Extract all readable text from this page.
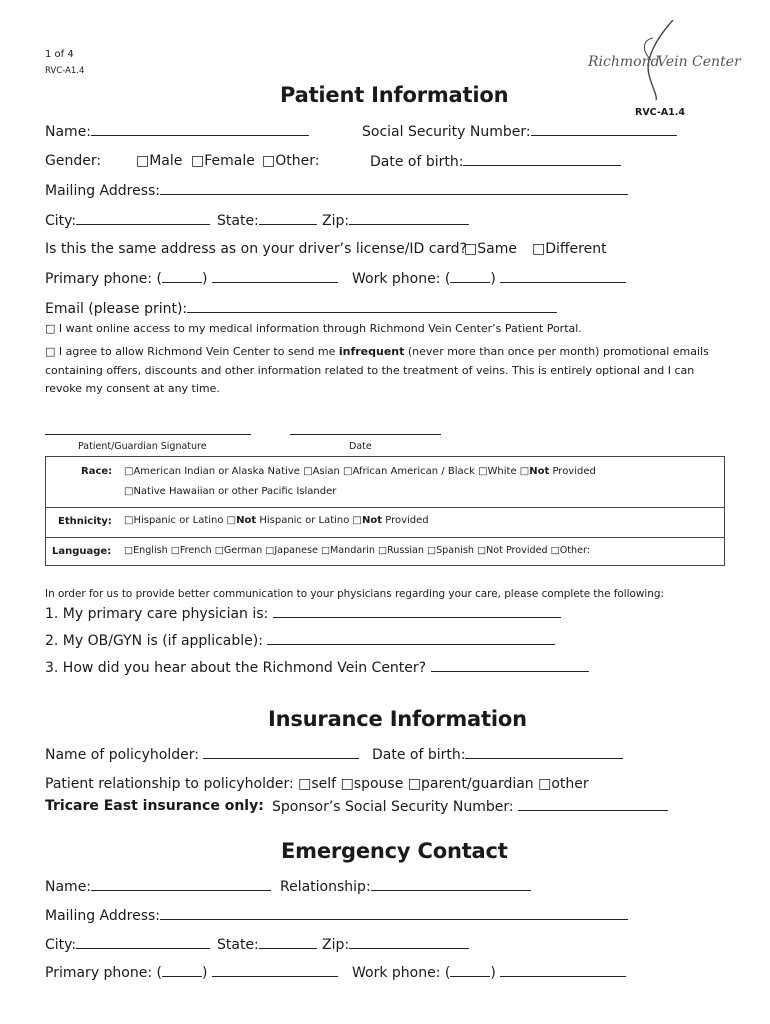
1 of 4
RVC-A1.4
Richmond
Vein Center
RVC-A1.4
Patient Information
Name:	Social Security Number:
Gender: □Male □Female □Other:	Date of birth:
Mailing Address:
City:	State:	Zip:
Is this the same address as on your driver’s license/ID card?
□Same □Different
Primary phone: (	)	Work phone: (	)
Email (please print):
□ I want online access to my medical information through Richmond Vein Center’s Patient Portal.
□ I agree to allow Richmond Vein Center to send me infrequent (never more than once per month) promotional emails
containing offers, discounts and other information related to the treatment of veins. This is entirely optional and I can
revoke my consent at any time.
Patient/Guardian Signature	Date
Race: □American Indian or Alaska Native □Asian □African American / Black □White □Not Provided
□Native Hawaiian or other Pacific Islander
Ethnicity: □Hispanic or Latino □Not Hispanic or Latino □Not Provided
Language: □English □French □German □Japanese □Mandarin □Russian □Spanish □Not Provided □Other:
In order for us to provide better communication to your physicians regarding your care, please complete the following:
1. My primary care physician is:
2. My OB/GYN is (if applicable):
3. How did you hear about the Richmond Vein Center?
Insurance Information
Name of policyholder:	Date of birth:
Patient relationship to policyholder: □self □spouse □parent/guardian □other
Tricare East insurance only: Sponsor’s Social Security Number:
Emergency Contact
Name:	Relationship:
Mailing Address:
City:	State:	Zip:
Primary phone: (	)	Work phone: (	)
